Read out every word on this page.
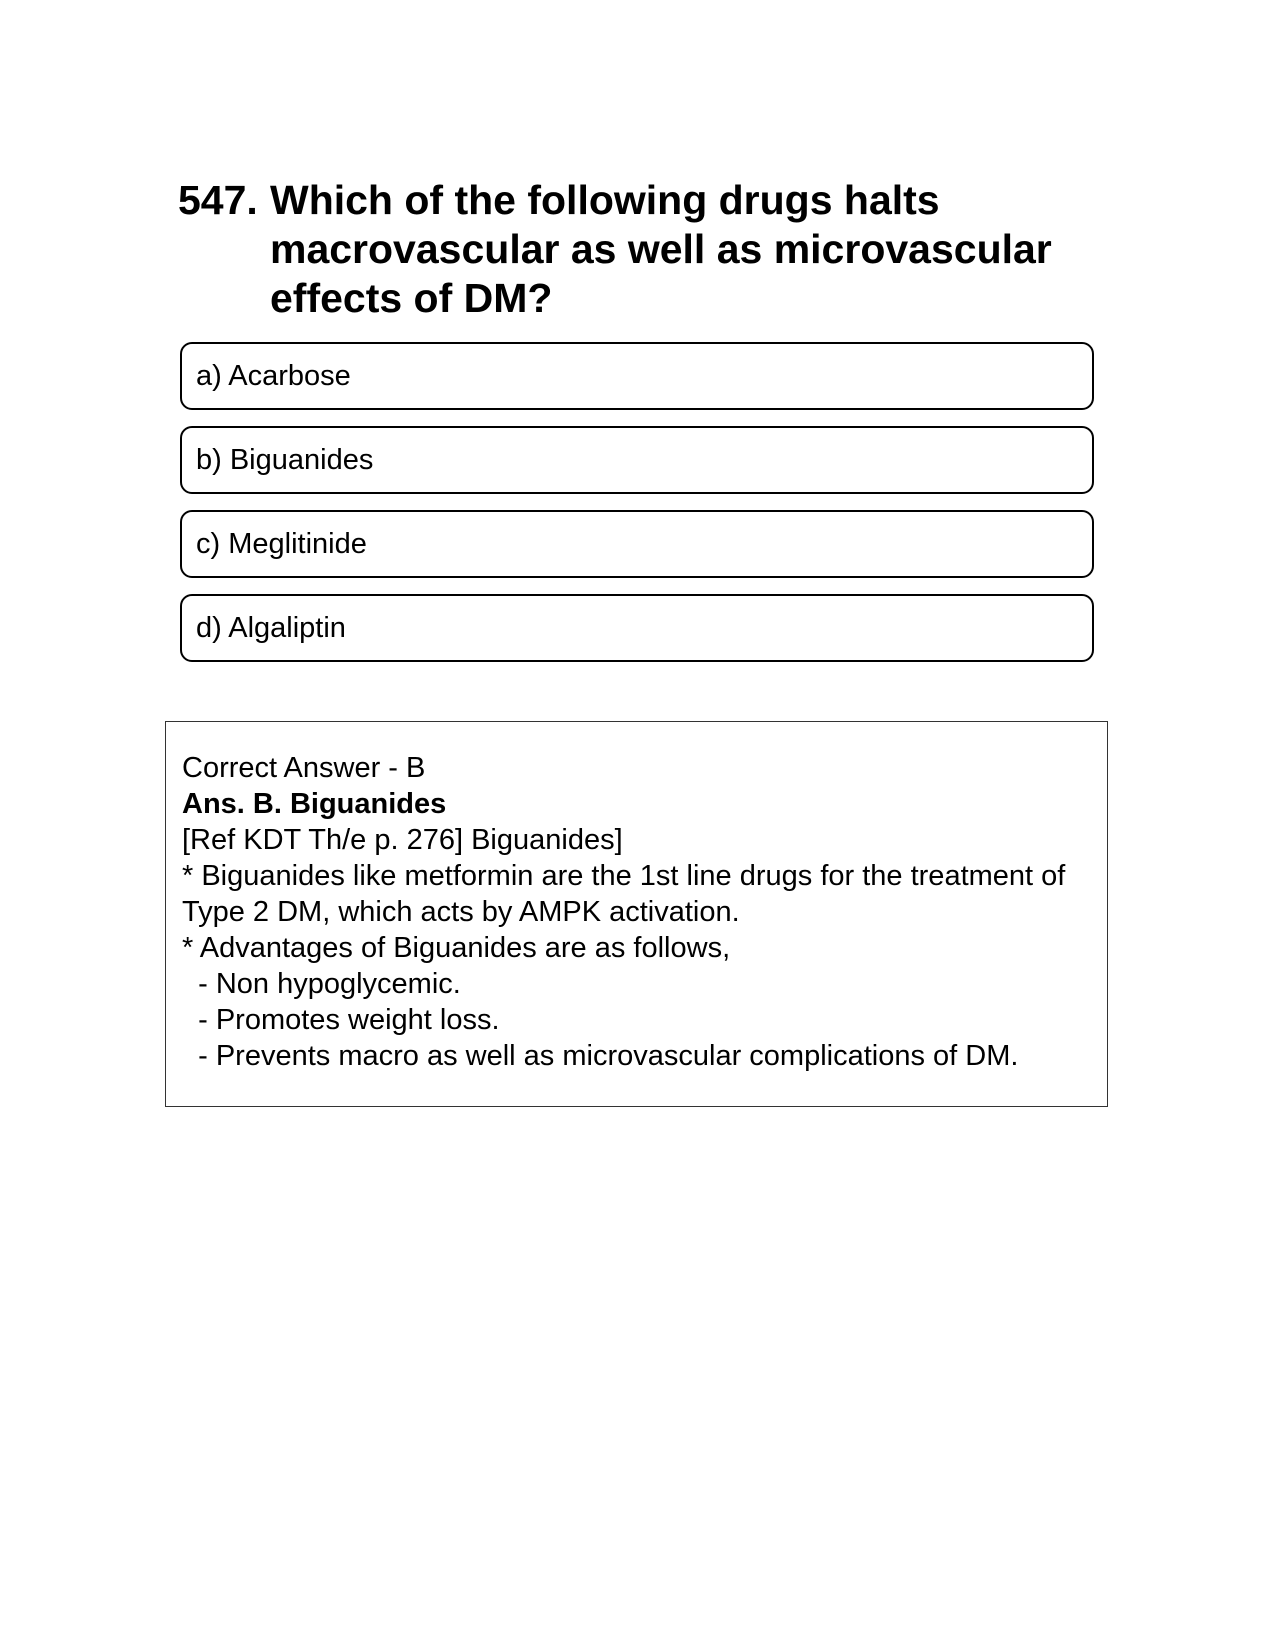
547. Which of the following drugs halts macrovascular as well as microvascular effects of DM?
a) Acarbose
b) Biguanides
c) Meglitinide
d) Algaliptin
Correct Answer - B
Ans. B. Biguanides
[Ref KDT Th/e p. 276] Biguanides]
* Biguanides like metformin are the 1st line drugs for the treatment of Type 2 DM, which acts by AMPK activation.
* Advantages of Biguanides are as follows,
- Non hypoglycemic.
- Promotes weight loss.
- Prevents macro as well as microvascular complications of DM.
